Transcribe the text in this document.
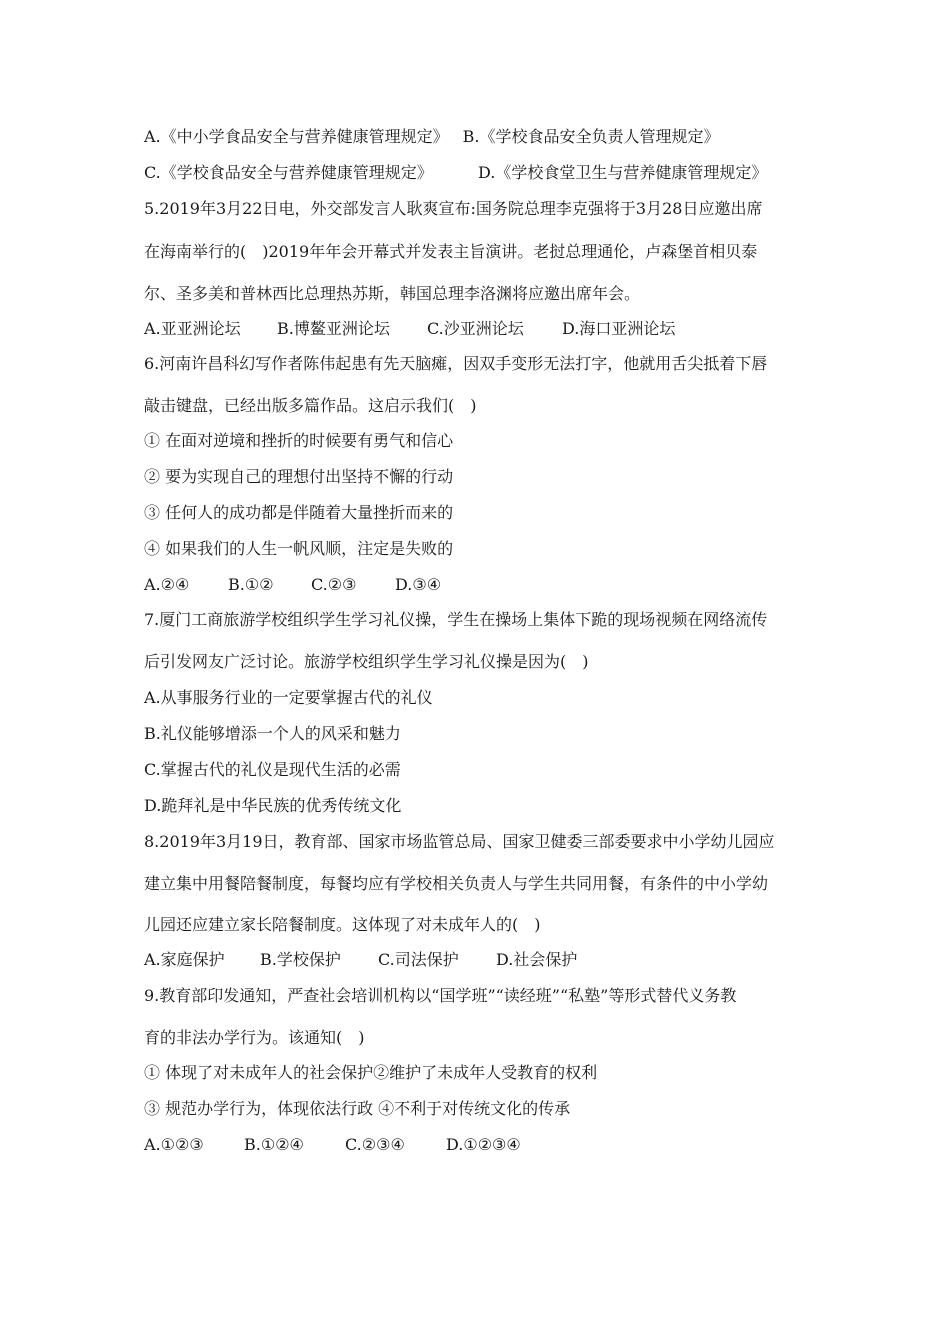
A.《中小学食品安全与营养健康管理规定》 B.《学校食品安全负责人管理规定》
C.《学校食品安全与营养健康管理规定》	D.《学校食堂卫生与营养健康管理规定》
5.2019年3月22日电，外交部发言人耿爽宣布:国务院总理李克强将于3月28日应邀出席
在海南举行的(　)2019年年会开幕式并发表主旨演讲。老挝总理通伦，卢森堡首相贝泰
尔、圣多美和普林西比总理热苏斯，韩国总理李洛渊将应邀出席年会。
A.亚亚洲论坛 B.博鳌亚洲论坛 C.沙亚洲论坛 D.海口亚洲论坛
6.河南许昌科幻写作者陈伟起患有先天脑瘫，因双手变形无法打字，他就用舌尖抵着下唇
敲击键盘，已经出版多篇作品。这启示我们(　)
① 在面对逆境和挫折的时候要有勇气和信心
② 要为实现自己的理想付出坚持不懈的行动
③ 任何人的成功都是伴随着大量挫折而来的
④ 如果我们的人生一帆风顺，注定是失败的
A.②④ B.①② C.②③ D.③④
7.厦门工商旅游学校组织学生学习礼仪操，学生在操场上集体下跪的现场视频在网络流传
后引发网友广泛讨论。旅游学校组织学生学习礼仪操是因为(　)
A.从事服务行业的一定要掌握古代的礼仪
B.礼仪能够增添一个人的风采和魅力
C.掌握古代的礼仪是现代生活的必需
D.跪拜礼是中华民族的优秀传统文化
8.2019年3月19日，教育部、国家市场监管总局、国家卫健委三部委要求中小学幼儿园应
建立集中用餐陪餐制度，每餐均应有学校相关负责人与学生共同用餐，有条件的中小学幼
儿园还应建立家长陪餐制度。这体现了对未成年人的(　)
A.家庭保护 B.学校保护 C.司法保护 D.社会保护
9.教育部印发通知，严查社会培训机构以“国学班”“读经班”“私塾”等形式替代义务教
育的非法办学行为。该通知(　)
① 体现了对未成年人的社会保护②维护了未成年人受教育的权利
③ 规范办学行为，体现依法行政 ④不利于对传统文化的传承
A.①②③	B.①②④	C.②③④	D.①②③④
